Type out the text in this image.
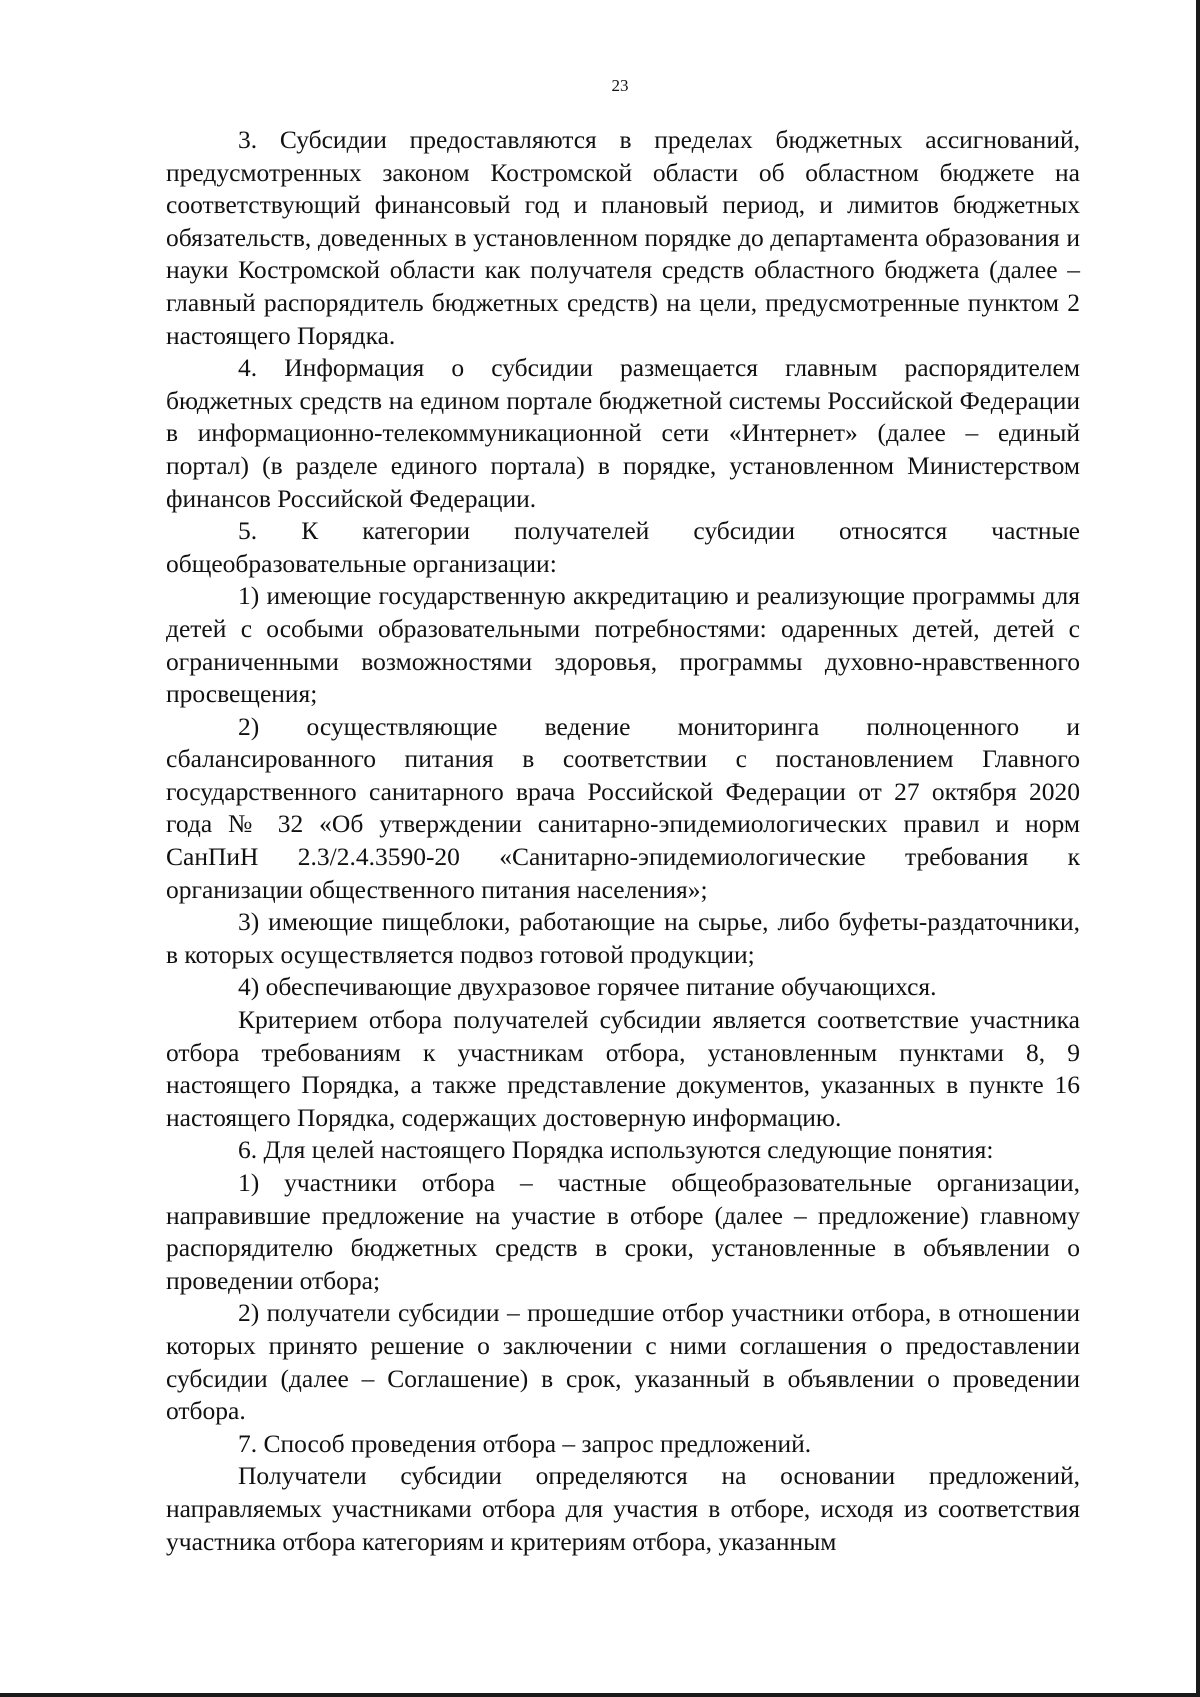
23

3. Субсидии предоставляются в пределах бюджетных ассигнований, предусмотренных законом Костромской области об областном бюджете на соответствующий финансовый год и плановый период, и лимитов бюджетных обязательств, доведенных в установленном порядке до департамента образования и науки Костромской области как получателя средств областного бюджета (далее – главный распорядитель бюджетных средств) на цели, предусмотренные пунктом 2 настоящего Порядка.

4. Информация о субсидии размещается главным распорядителем бюджетных средств на едином портале бюджетной системы Российской Федерации в информационно-телекоммуникационной сети «Интернет» (далее – единый портал) (в разделе единого портала) в порядке, установленном Министерством финансов Российской Федерации.

5. К категории получателей субсидии относятся частные общеобразовательные организации:

1) имеющие государственную аккредитацию и реализующие программы для детей с особыми образовательными потребностями: одаренных детей, детей с ограниченными возможностями здоровья, программы духовно-нравственного просвещения;

2) осуществляющие ведение мониторинга полноценного и сбалансированного питания в соответствии с постановлением Главного государственного санитарного врача Российской Федерации от 27 октября 2020 года № 32 «Об утверждении санитарно-эпидемиологических правил и норм СанПиН 2.3/2.4.3590-20 «Санитарно-эпидемиологические требования к организации общественного питания населения»;

3) имеющие пищеблоки, работающие на сырье, либо буфеты-раздаточники, в которых осуществляется подвоз готовой продукции;

4) обеспечивающие двухразовое горячее питание обучающихся.

Критерием отбора получателей субсидии является соответствие участника отбора требованиям к участникам отбора, установленным пунктами 8, 9 настоящего Порядка, а также представление документов, указанных в пункте 16 настоящего Порядка, содержащих достоверную информацию.

6. Для целей настоящего Порядка используются следующие понятия:

1) участники отбора – частные общеобразовательные организации, направившие предложение на участие в отборе (далее – предложение) главному распорядителю бюджетных средств в сроки, установленные в объявлении о проведении отбора;

2) получатели субсидии – прошедшие отбор участники отбора, в отношении которых принято решение о заключении с ними соглашения о предоставлении субсидии (далее – Соглашение) в срок, указанный в объявлении о проведении отбора.

7. Способ проведения отбора – запрос предложений.

Получатели субсидии определяются на основании предложений, направляемых участниками отбора для участия в отборе, исходя из соответствия участника отбора категориям и критериям отбора, указанным
